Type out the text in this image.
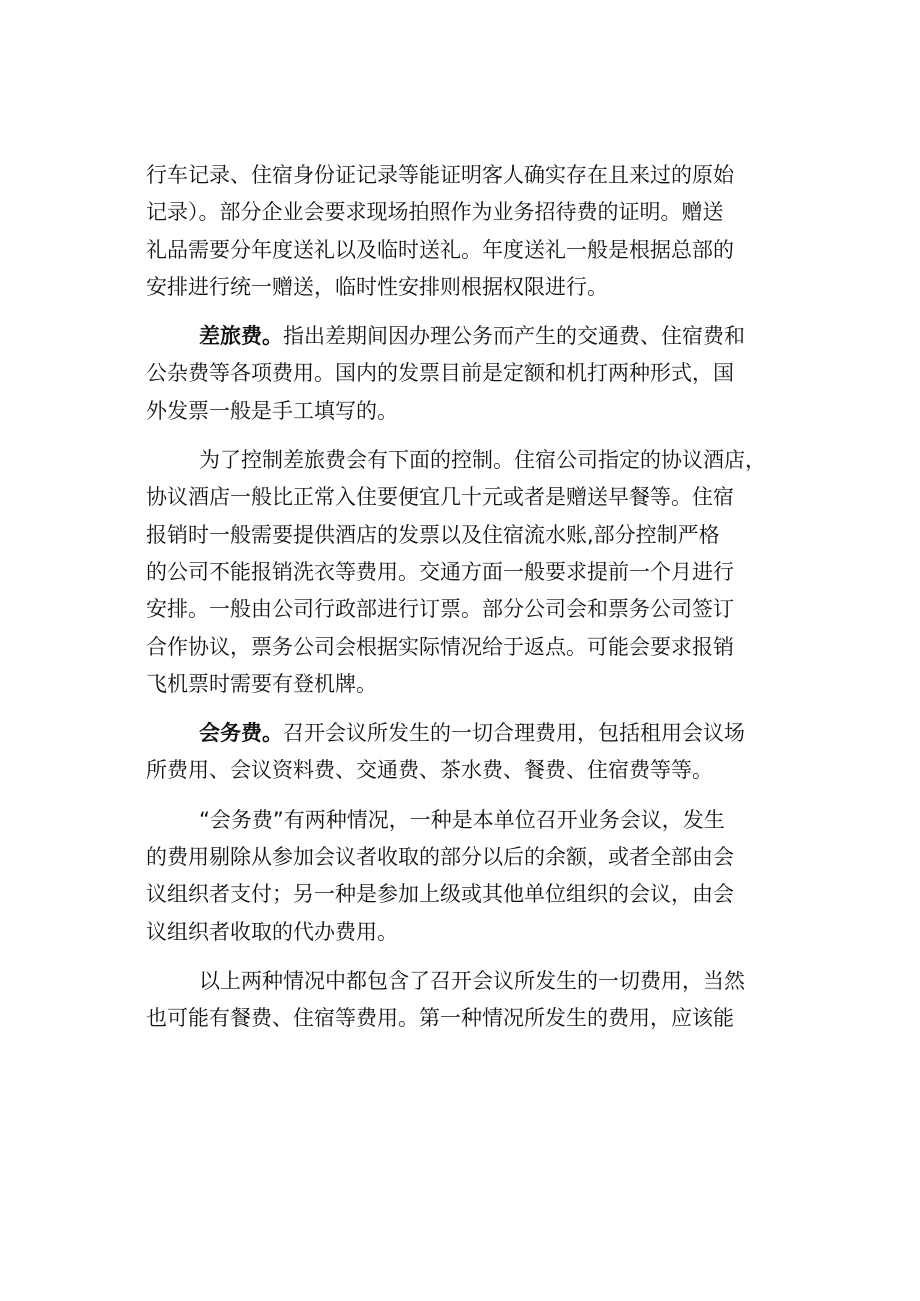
行车记录、住宿身份证记录等能证明客人确实存在且来过的原始
记录）。部分企业会要求现场拍照作为业务招待费的证明。赠送
礼品需要分年度送礼以及临时送礼。年度送礼一般是根据总部的
安排进行统一赠送，临时性安排则根据权限进行。
差旅费。指出差期间因办理公务而产生的交通费、住宿费和
公杂费等各项费用。国内的发票目前是定额和机打两种形式，国
外发票一般是手工填写的。
为了控制差旅费会有下面的控制。住宿公司指定的协议酒店，
协议酒店一般比正常入住要便宜几十元或者是赠送早餐等。住宿
报销时一般需要提供酒店的发票以及住宿流水账,部分控制严格
的公司不能报销洗衣等费用。交通方面一般要求提前一个月进行
安排。一般由公司行政部进行订票。部分公司会和票务公司签订
合作协议，票务公司会根据实际情况给于返点。可能会要求报销
飞机票时需要有登机牌。
会务费。召开会议所发生的一切合理费用，包括租用会议场
所费用、会议资料费、交通费、茶水费、餐费、住宿费等等。
“会务费”有两种情况，一种是本单位召开业务会议，发生
的费用剔除从参加会议者收取的部分以后的余额，或者全部由会
议组织者支付；另一种是参加上级或其他单位组织的会议，由会
议组织者收取的代办费用。
以上两种情况中都包含了召开会议所发生的一切费用，当然
也可能有餐费、住宿等费用。第一种情况所发生的费用，应该能
